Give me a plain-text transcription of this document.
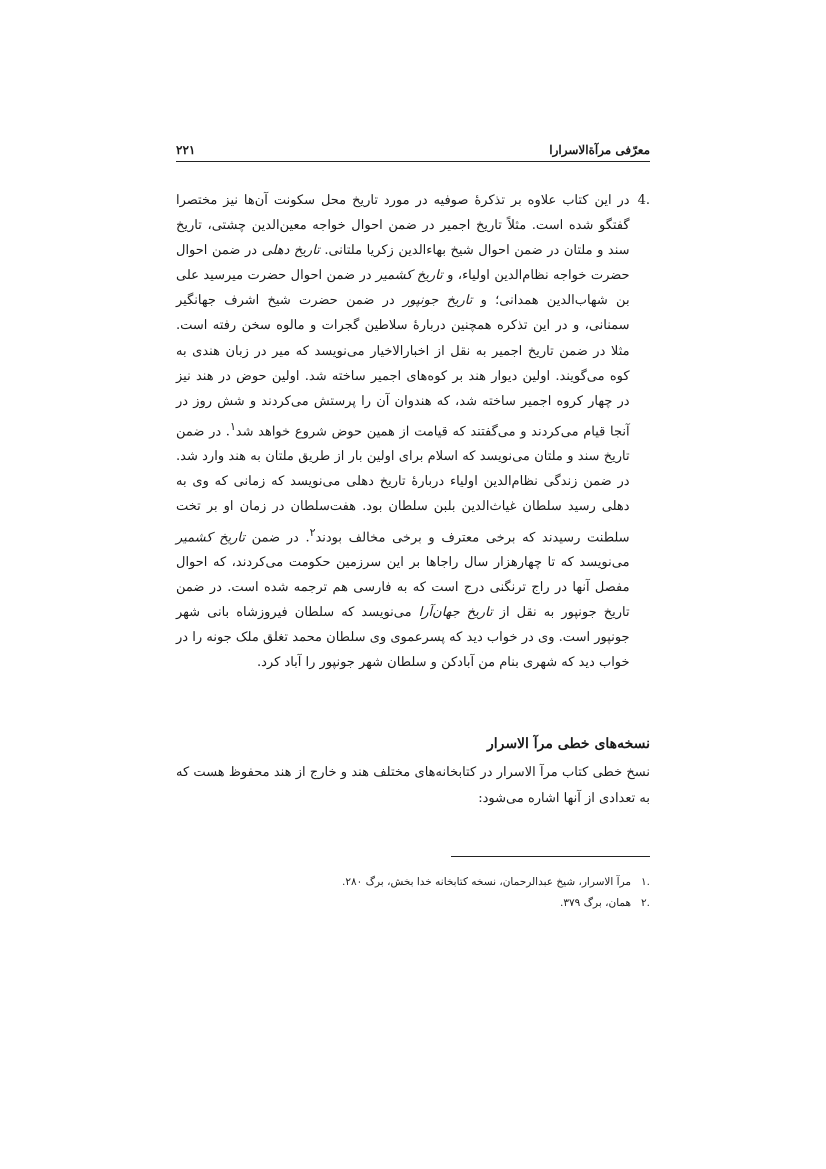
۲۲۱	معرّفی مرآةالاسرارا
.4
در این کتاب علاوه بر تذکرهٔ صوفیه در مورد تاریخ محل سکونت آن‌ها نیز مختصرا گفتگو شده است. مثلاً تاریخ اجمیر در ضمن احوال خواجه معین‌الدین چشتی، تاریخ سند و ملتان در ضمن احوال شیخ بهاءالدین زکریا ملتانی. تاریخ دهلی در ضمن احوال حضرت خواجه نظام‌الدین اولیاء، و تاریخ کشمیر در ضمن احوال حضرت میرسید علی بن شهاب‌الدین همدانی؛ و تاریخ جونپور در ضمن حضرت شیخ اشرف جهانگیر سمنانی، و در این تذکره همچنین دربارهٔ سلاطین گجرات و مالوه سخن رفته است. مثلا در ضمن تاریخ اجمیر به نقل از اخبارالاخیار می‌نویسد که میر در زبان هندی به کوه می‌گویند. اولین دیوار هند بر کوه‌های اجمیر ساخته شد. اولین حوض در هند نیز در چهار کروه اجمیر ساخته شد، که هندوان آن را پرستش می‌کردند و شش روز در آنجا قیام می‌کردند و می‌گفتند که قیامت از همین حوض شروع خواهد شد$^۱$. در ضمن تاریخ سند و ملتان می‌نویسد که اسلام برای اولین بار از طریق ملتان به هند وارد شد. در ضمن زندگی نظام‌الدین اولیاء دربارهٔ تاریخ دهلی می‌نویسد که زمانی که وی به دهلی رسید سلطان غیاث‌الدین بلبن سلطان بود. هفت‌سلطان در زمان او بر تخت سلطنت رسیدند که برخی معترف و برخی مخالف بودند$^۲$. در ضمن تاریخ کشمیر می‌نویسد که تا چهارهزار سال راجاها بر این سرزمین حکومت می‌کردند، که احوال مفصل آنها در راج ترنگنی درج است که به فارسی هم ترجمه شده است. در ضمن تاریخ جونپور به نقل از تاریخ جهان‌آرا می‌نویسد که سلطان فیروزشاه بانی شهر جونپور است. وی در خواب دید که پسرعموی وی سلطان محمد تغلق ملک جونه را در خواب دید که شهری بنام من آبادکن و سلطان شهر جونپور را آباد کرد.
نسخه‌های خطی مرآ الاسرار
نسخ خطی کتاب مرآ الاسرار در کتابخانه‌های مختلف هند و خارج از هند محفوظ هست که به تعدادی از آنها اشاره می‌شود:
.۱
مرآ الاسرار، شیخ عبدالرحمان، نسخه کتابخانه خدا بخش، برگ ۲۸۰.
.۲
همان، برگ ۳۷۹.
